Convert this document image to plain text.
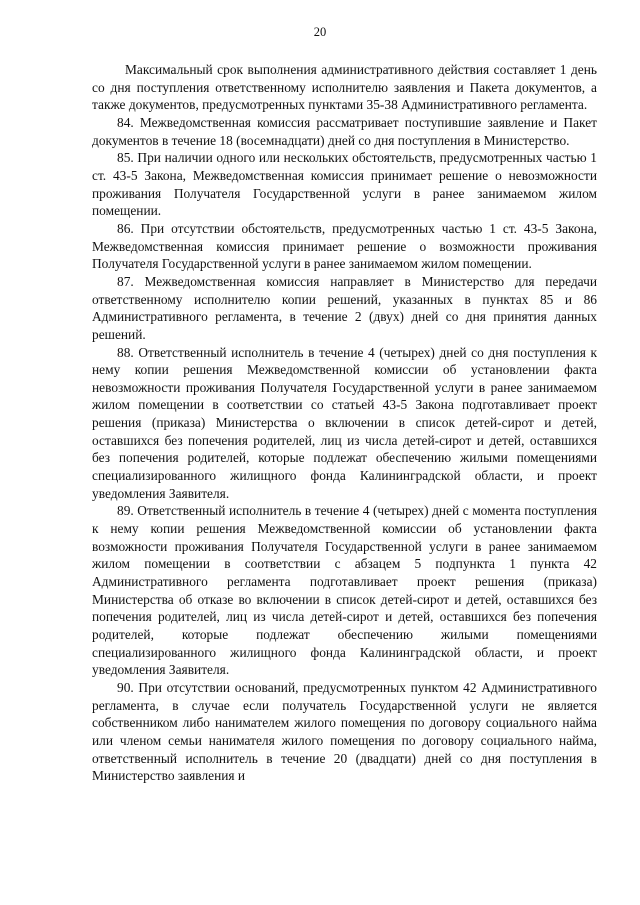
20

Максимальный срок выполнения административного действия составляет 1 день со дня поступления ответственному исполнителю заявления и Пакета документов, а также документов, предусмотренных пунктами 35-38 Административного регламента.

84. Межведомственная комиссия рассматривает поступившие заявление и Пакет документов в течение 18 (восемнадцати) дней со дня поступления в Министерство.

85. При наличии одного или нескольких обстоятельств, предусмотренных частью 1 ст. 43-5 Закона, Межведомственная комиссия принимает решение о невозможности проживания Получателя Государственной услуги в ранее занимаемом жилом помещении.

86. При отсутствии обстоятельств, предусмотренных частью 1 ст. 43-5 Закона, Межведомственная комиссия принимает решение о возможности проживания Получателя Государственной услуги в ранее занимаемом жилом помещении.

87. Межведомственная комиссия направляет в Министерство для передачи ответственному исполнителю копии решений, указанных в пунктах 85 и 86 Административного регламента, в течение 2 (двух) дней со дня принятия данных решений.

88. Ответственный исполнитель в течение 4 (четырех) дней со дня поступления к нему копии решения Межведомственной комиссии об установлении факта невозможности проживания Получателя Государственной услуги в ранее занимаемом жилом помещении в соответствии со статьей 43-5 Закона подготавливает проект решения (приказа) Министерства о включении в список детей-сирот и детей, оставшихся без попечения родителей, лиц из числа детей-сирот и детей, оставшихся без попечения родителей, которые подлежат обеспечению жилыми помещениями специализированного жилищного фонда Калининградской области, и проект уведомления Заявителя.

89. Ответственный исполнитель в течение 4 (четырех) дней с момента поступления к нему копии решения Межведомственной комиссии об установлении факта возможности проживания Получателя Государственной услуги в ранее занимаемом жилом помещении в соответствии с абзацем 5 подпункта 1 пункта 42 Административного регламента подготавливает проект решения (приказа) Министерства об отказе во включении в список детей-сирот и детей, оставшихся без попечения родителей, лиц из числа детей-сирот и детей, оставшихся без попечения родителей, которые подлежат обеспечению жилыми помещениями специализированного жилищного фонда Калининградской области, и проект уведомления Заявителя.

90. При отсутствии оснований, предусмотренных пунктом 42 Административного регламента, в случае если получатель Государственной услуги не является собственником либо нанимателем жилого помещения по договору социального найма или членом семьи нанимателя жилого помещения по договору социального найма, ответственный исполнитель в течение 20 (двадцати) дней со дня поступления в Министерство заявления и
